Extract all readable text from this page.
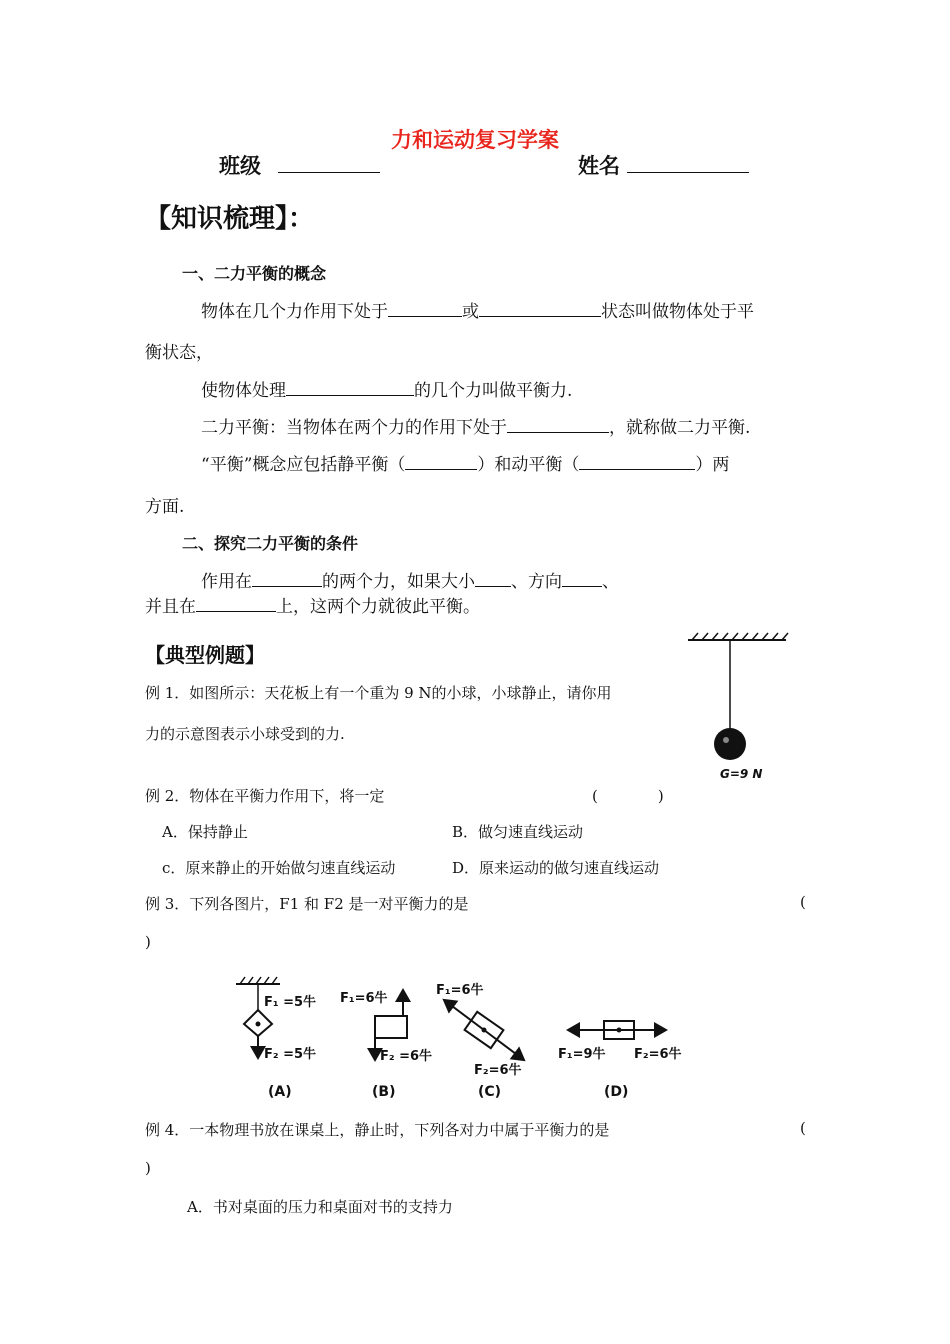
力和运动复习学案
班级	姓名
【知识梳理】：
一、二力平衡的概念
物体在几个力作用下处于	或	状态叫做物体处于平
衡状态，
使物体处理	的几个力叫做平衡力.
二力平衡：当物体在两个力的作用下处于	，就称做二力平衡.
“平衡”概念应包括静平衡（	）和动平衡（	）两
方面.
二、探究二力平衡的条件
作用在	的两个力，如果大小 、方向 、
并且在	上，这两个力就彼此平衡。
【典型例题】
例 1．如图所示：天花板上有一个重为 9 N的小球，小球静止，请你用
力的示意图表示小球受到的力.
G=9 N
例 2．物体在平衡力作用下，将一定	(　　　　)
A．保持静止	B．做匀速直线运动
c．原来静止的开始做匀速直线运动	D．原来运动的做匀速直线运动
例 3．下列各图片，F1 和 F2 是一对平衡力的是	(
)
F₁ =5牛
F₂ =5牛
(A)
F₁=6牛
F₂ =6牛
(B)
F₁=6牛
F₂=6牛
(C)
F₁=9牛 F₂=6牛
(D)
例 4．一本物理书放在课桌上，静止时，下列各对力中属于平衡力的是	(
)
A．书对桌面的压力和桌面对书的支持力
